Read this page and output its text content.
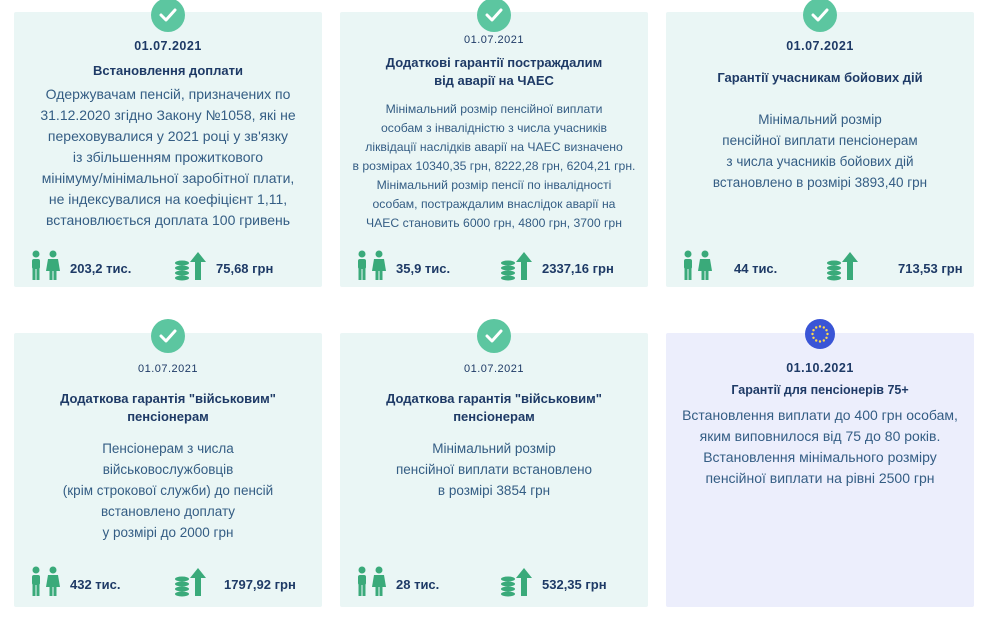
01.07.2021
Встановлення доплати
Одержувачам пенсій, призначених по
31.12.2020 згідно Закону №1058, які не
переховувалися у 2021 році у зв'язку
із збільшенням прожиткового
мінімуму/мінімальної заробітної плати,
не індексувалися на коефіцієнт 1,11,
встановлюється доплата 100 гривень
203,2 тис.	75,68 грн
01.07.2021
Додаткові гарантії постраждалим
від аварії на ЧАЕС
Мінімальний розмір пенсійної виплати
особам з інвалідністю з числа учасників
ліквідації наслідків аварії на ЧАЕС визначено
в розмірах 10340,35 грн, 8222,28 грн, 6204,21 грн.
Мінімальний розмір пенсії по інвалідності
особам, постраждалим внаслідок аварії на
ЧАЕС становить 6000 грн, 4800 грн, 3700 грн
35,9 тис.	2337,16 грн
01.07.2021
Гарантії учасникам бойових дій
Мінімальний розмір
пенсійної виплати пенсіонерам
з числа учасників бойових дій
встановлено в розмірі 3893,40 грн
44 тис.	713,53 грн
01.07.2021
Додаткова гарантія "військовим"
пенсіонерам
Пенсіонерам з числа
військовослужбовців
(крім строкової служби) до пенсій
встановлено доплату
у розмірі до 2000 грн
432 тис.	1797,92 грн
01.07.2021
Додаткова гарантія "військовим"
пенсіонерам
Мінімальний розмір
пенсійної виплати встановлено
в розмірі 3854 грн
28 тис.	532,35 грн
01.10.2021
Гарантії для пенсіонерів 75+
Встановлення виплати до 400 грн особам,
яким виповнилося від 75 до 80 років.
Встановлення мінімального розміру
пенсійної виплати на рівні 2500 грн
